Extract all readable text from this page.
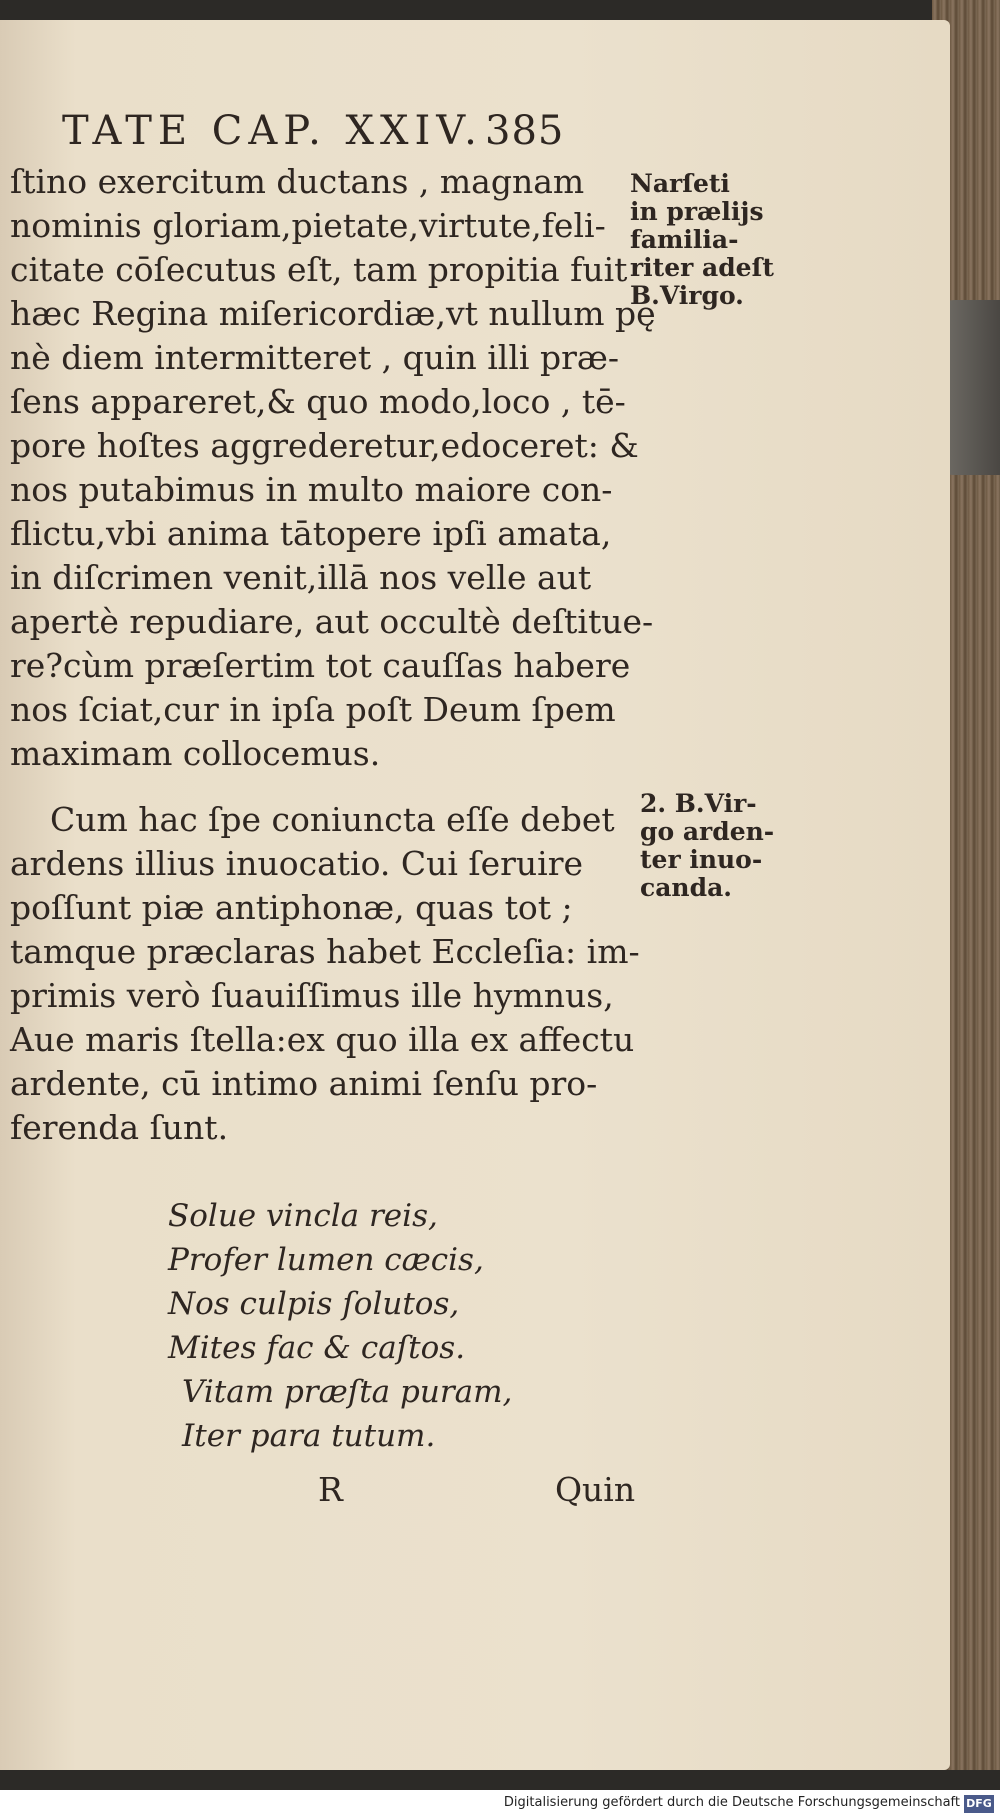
TATE CAP. XXIV. 385
ſtino exercitum ductans , magnam
nominis gloriam,pietate,virtute,feli-
citate cōſecutus eſt, tam propitia fuit
hæc Regina miſericordiæ,vt nullum pę
nè diem intermitteret , quin illi præ-
ſens appareret,& quo modo,loco , tē-
pore hoſtes aggrederetur,edoceret: &
nos putabimus in multo maiore con-
flictu,vbi anima tātopere ipſi amata,
in diſcrimen venit,illā nos velle aut
apertè repudiare, aut occultè deſtitue-
re?cùm præſertim tot cauſſas habere
nos ſciat,cur in ipſa poſt Deum ſpem
maximam collocemus.
Cum hac ſpe coniuncta eſſe debet
ardens illius inuocatio. Cui ſeruire
poſſunt piæ antiphonæ, quas tot ;
tamque præclaras habet Eccleſia: im-
primis verò ſuauiſſimus ille hymnus,
Aue maris ſtella:ex quo illa ex affectu
ardente, cū intimo animi ſenſu pro-
ferenda ſunt.
Narſeti
in prælijs
familia-
riter adeſt
B.Virgo.
2. B.Vir-
go arden-
ter inuo-
canda.
Solue vincla reis,
Profer lumen cæcis,
Nos culpis ſolutos,
Mites fac & caſtos.
Vitam præſta puram,
Iter para tutum.
R	Quin
Digitalisierung gefördert durch die Deutsche Forschungsgemeinschaft DFG
